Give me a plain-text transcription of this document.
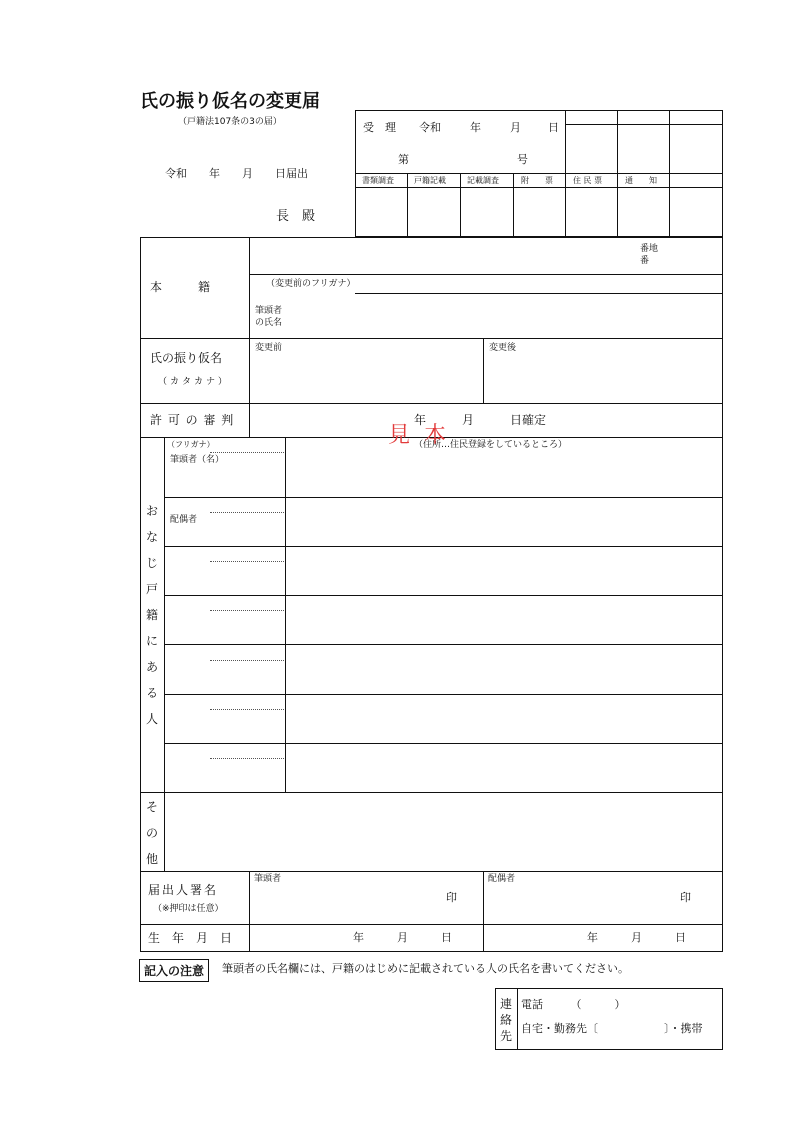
氏の振り仮名の変更届
（戸籍法107条の3の届）
令和　　年　　月　　日届出
長　殿
受　理 令和	年	月 日
第	号
書類調査	戸籍記載	記載調査	附　　票	住 民 票	通　　知
本　　　籍
番地
番
（変更前のフリガナ）
筆頭者
の氏名
氏の振り仮名
（カタカナ）
変更前	変更後
許 可 の 審 判	年　　　月　　　日確定
おなじ戸籍にある人
（フリガナ）
筆頭者（名）
（住所…住民登録をしているところ）
配偶者
その他
届出人署名
（※押印は任意）
筆頭者	配偶者
印	印
生　年　月　日	年　　　月　　　日	年　　　月　　　日
見本
記入の注意	筆頭者の氏名欄には、戸籍のはじめに記載されている人の氏名を書いてください。
連絡先
電話　　　（　　　）
自宅・勤務先〔　　　　　　〕・携帯
